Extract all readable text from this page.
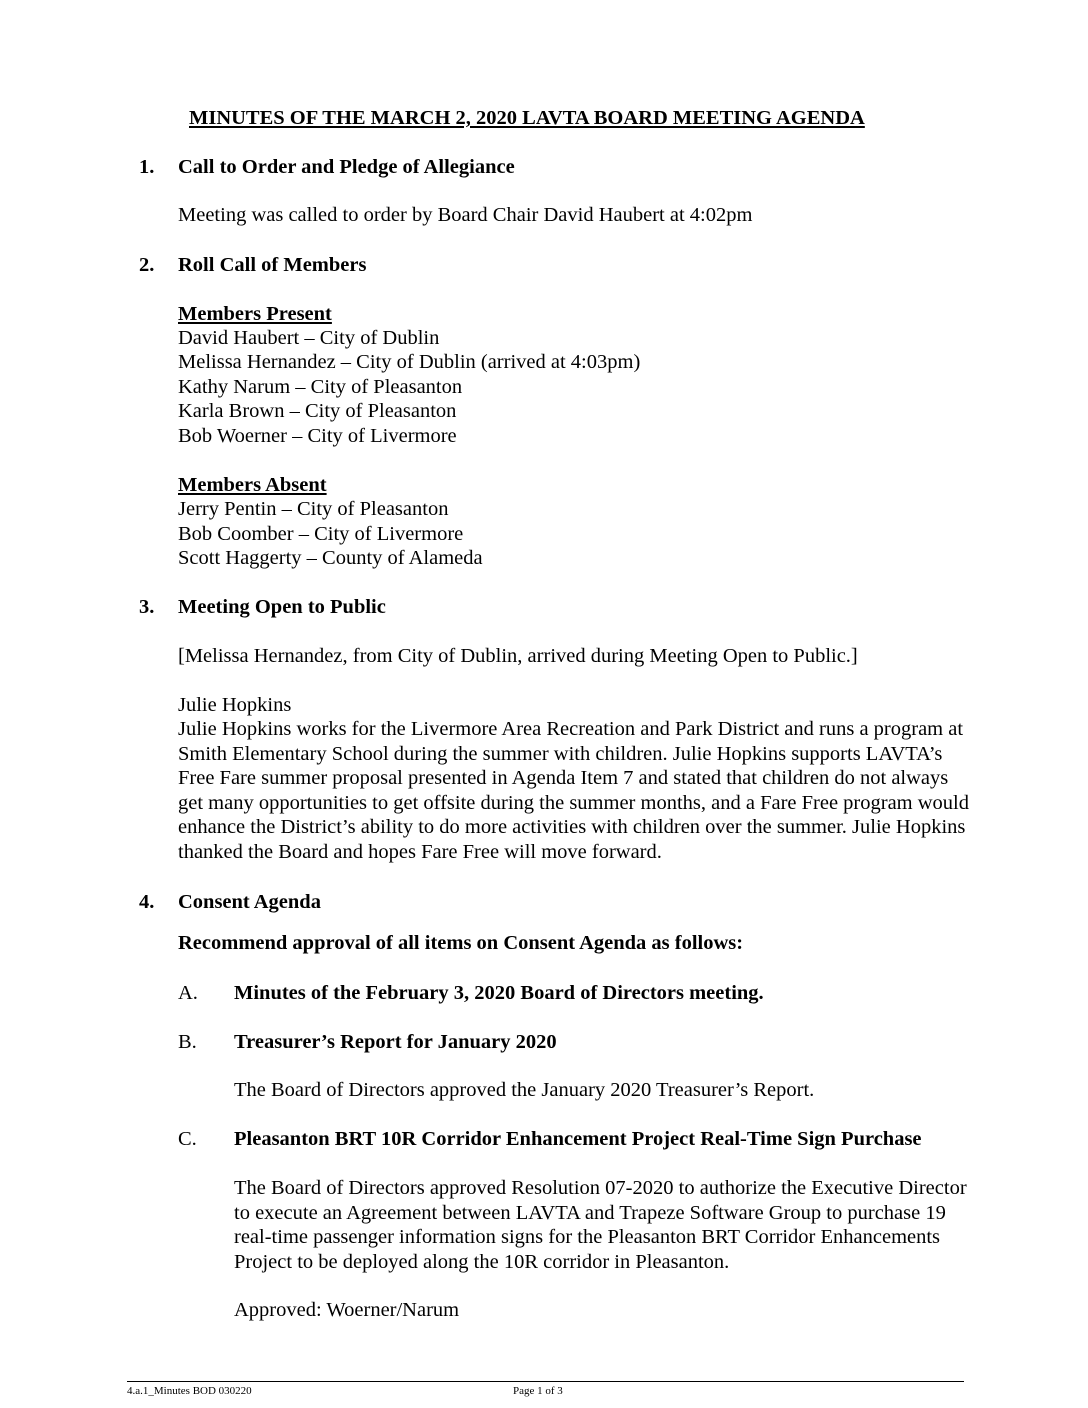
MINUTES OF THE MARCH 2, 2020 LAVTA BOARD MEETING AGENDA
1. Call to Order and Pledge of Allegiance
Meeting was called to order by Board Chair David Haubert at 4:02pm
2. Roll Call of Members
Members Present
David Haubert – City of Dublin
Melissa Hernandez – City of Dublin (arrived at 4:03pm)
Kathy Narum – City of Pleasanton
Karla Brown – City of Pleasanton
Bob Woerner – City of Livermore
Members Absent
Jerry Pentin – City of Pleasanton
Bob Coomber – City of Livermore
Scott Haggerty – County of Alameda
3. Meeting Open to Public
[Melissa Hernandez, from City of Dublin, arrived during Meeting Open to Public.]
Julie Hopkins
Julie Hopkins works for the Livermore Area Recreation and Park District and runs a program at
Smith Elementary School during the summer with children. Julie Hopkins supports LAVTA’s
Free Fare summer proposal presented in Agenda Item 7 and stated that children do not always
get many opportunities to get offsite during the summer months, and a Fare Free program would
enhance the District’s ability to do more activities with children over the summer. Julie Hopkins
thanked the Board and hopes Fare Free will move forward.
4. Consent Agenda
Recommend approval of all items on Consent Agenda as follows:
A. Minutes of the February 3, 2020 Board of Directors meeting.
B. Treasurer’s Report for January 2020
The Board of Directors approved the January 2020 Treasurer’s Report.
C. Pleasanton BRT 10R Corridor Enhancement Project Real-Time Sign Purchase
The Board of Directors approved Resolution 07-2020 to authorize the Executive Director
to execute an Agreement between LAVTA and Trapeze Software Group to purchase 19
real-time passenger information signs for the Pleasanton BRT Corridor Enhancements
Project to be deployed along the 10R corridor in Pleasanton.
Approved: Woerner/Narum
4.a.1_Minutes BOD 030220	Page 1 of 3
